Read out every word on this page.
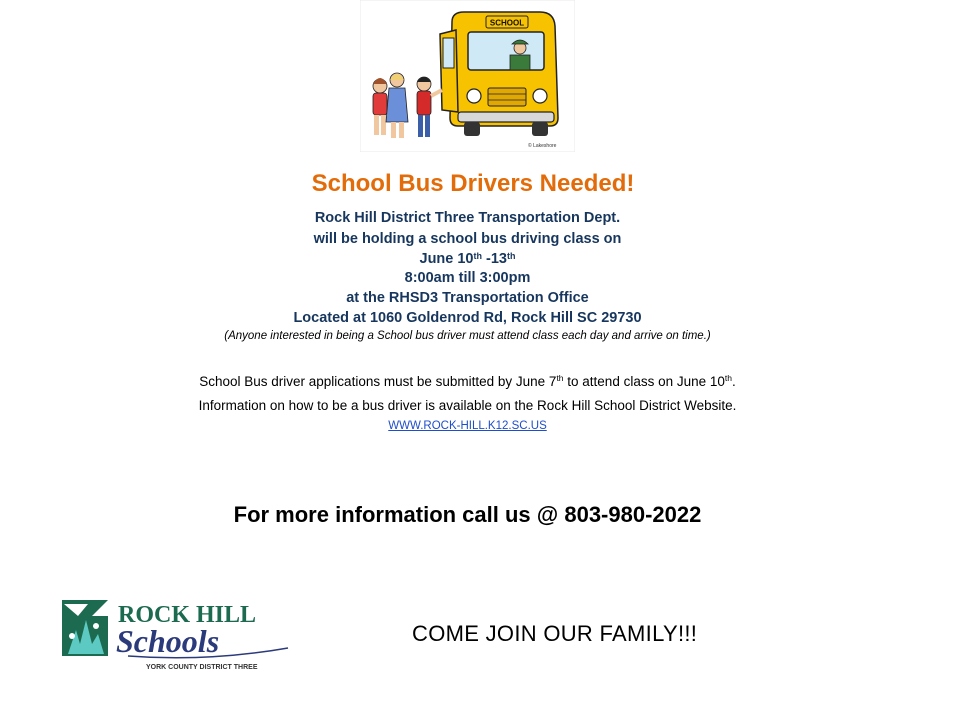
SCHOOL
© Lakeshore
School Bus Drivers Needed!
Rock Hill District Three Transportation Dept.
will be holding a school bus driving class on
June 10th -13th
8:00am till 3:00pm
at the RHSD3 Transportation Office
Located at 1060 Goldenrod Rd, Rock Hill SC 29730
(Anyone interested in being a School bus driver must attend class each day and arrive on time.)
School Bus driver applications must be submitted by June 7th to attend class on June 10th.
Information on how to be a bus driver is available on the Rock Hill School District Website.
WWW.ROCK-HILL.K12.SC.US
For more information call us @ 803-980-2022
ROCK HILL
Schools
YORK COUNTY DISTRICT THREE
COME JOIN OUR FAMILY!!!
